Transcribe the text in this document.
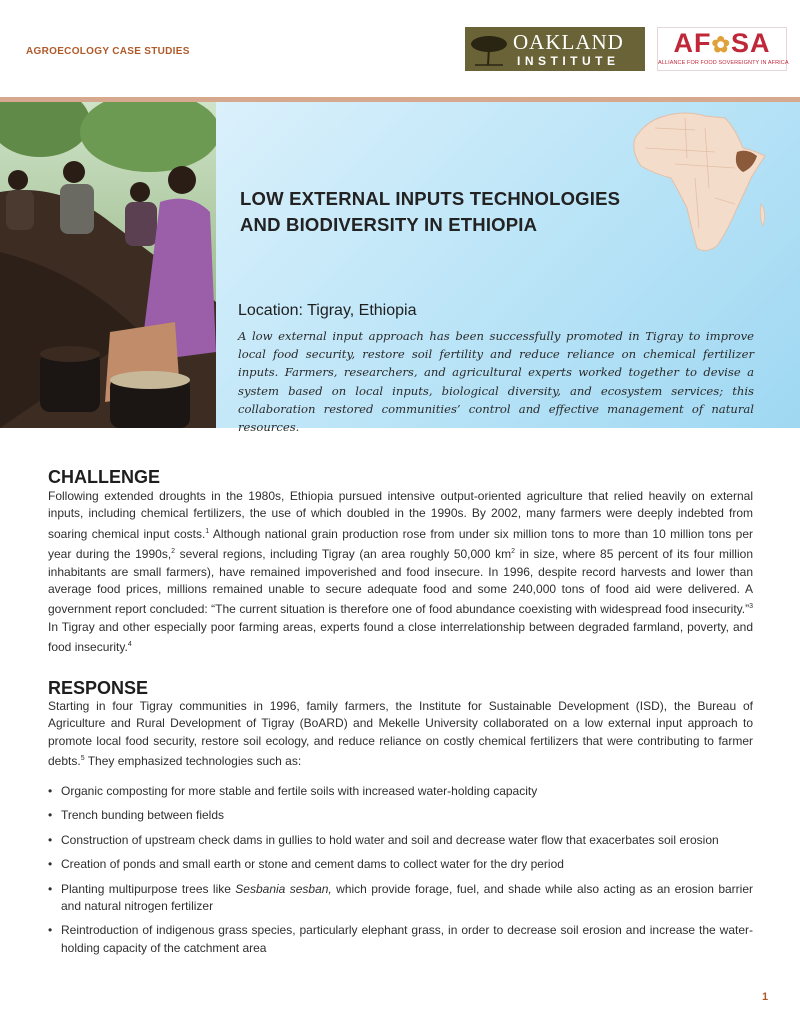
AGROECOLOGY CASE STUDIES	OAKLAND
INSTITUTE
AF✿SA
ALLIANCE FOR FOOD SOVEREIGNTY IN AFRICA
LOW EXTERNAL INPUTS TECHNOLOGIES
AND BIODIVERSITY IN ETHIOPIA
Location: Tigray, Ethiopia
A low external input approach has been successfully promoted in Tigray to improve local food security, restore soil fertility and reduce reliance on chemical fertilizer inputs. Farmers, researchers, and agricultural experts worked together to devise a system based on local inputs, biological diversity, and ecosystem services; this collaboration restored communities’ control and effective management of natural resources.
CHALLENGE
Following extended droughts in the 1980s, Ethiopia pursued intensive output-oriented agriculture that relied heavily on external inputs, including chemical fertilizers, the use of which doubled in the 1990s. By 2002, many farmers were deeply indebted from soaring chemical input costs.$^1$ Although national grain production rose from under six million tons to more than 10 million tons per year during the 1990s,$^2$ several regions, including Tigray (an area roughly 50,000 $km^2$ in size, where 85 percent of its four million inhabitants are small farmers), have remained impoverished and food insecure. In 1996, despite record harvests and lower than average food prices, millions remained unable to secure adequate food and some 240,000 tons of food aid were delivered. A government report concluded: “The current situation is therefore one of food abundance coexisting with widespread food insecurity.”$^3$ In Tigray and other especially poor farming areas, experts found a close interrelationship between degraded farmland, poverty, and food insecurity.$^4$
RESPONSE
Starting in four Tigray communities in 1996, family farmers, the Institute for Sustainable Development (ISD), the Bureau of Agriculture and Rural Development of Tigray (BoARD) and Mekelle University collaborated on a low external input approach to promote local food security, restore soil ecology, and reduce reliance on costly chemical fertilizers that were contributing to farmer debts.$^5$ They emphasized technologies such as:
• Organic composting for more stable and fertile soils with increased water-holding capacity
• Trench bunding between fields
• Construction of upstream check dams in gullies to hold water and soil and decrease water flow that exacerbates soil erosion
• Creation of ponds and small earth or stone and cement dams to collect water for the dry period
• Planting multipurpose trees like Sesbania sesban, which provide forage, fuel, and shade while also acting as an erosion barrier and natural nitrogen fertilizer
• Reintroduction of indigenous grass species, particularly elephant grass, in order to decrease soil erosion and increase the water-holding capacity of the catchment area
1
